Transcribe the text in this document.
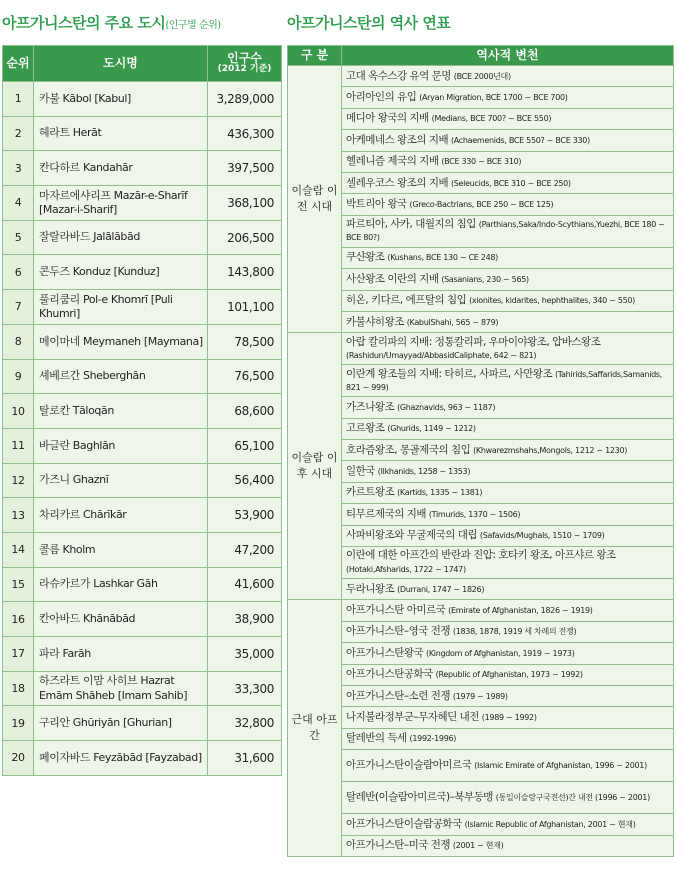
아프가니스탄의 주요 도시(인구별 순위)	아프가니스탄의 역사 연표
순위	도시명	인구수
(2012 기준)

1	카불 Kābol [Kabul]	3,289,000
2	헤라트 Herāt	436,300
3	칸다하르 Kandahār	397,500
4	마자르에샤리프 Mazār-e-Sharīf [Mazar-i-Sharif]	368,100
5	잘랄라바드 Jalālābād	206,500
6	콘두즈 Konduz [Kunduz]	143,800
7	풀리쿰리 Pol-e Khomrī [Puli Khumri]	101,100
8	메이마네 Meymaneh [Maymana]	78,500
9	셰베르간 Sheberghān	76,500
10	탈로칸 Tāloqān	68,600
11	바글란 Baghlān	65,100
12	가즈니 Ghaznī	56,400
13	차리카르 Chārīkār	53,900
14	콜름 Kholm	47,200
15	라슈카르가 Lashkar Gāh	41,600
16	칸아바드 Khānābād	38,900
17	파라 Farāh	35,000
18	하즈라트 이맘 사히브 Hazrat Emām Shāheb [Imam Sahib]	33,300
19	구리안 Ghūriyān [Ghurian]	32,800
20	페이자바드 Feyzābād [Fayzabad]	31,600
구 분	역사적 변천
이슬람 이전 시대	고대 옥수스강 유역 문명 (BCE 2000년대)
	아리아인의 유입 (Aryan Migration, BCE 1700 ~ BCE 700)
	메디아 왕국의 지배 (Medians, BCE 700? ~ BCE 550)
	아케메네스 왕조의 지배 (Achaemenids, BCE 550? ~ BCE 330)
	헬레니즘 제국의 지배 (BCE 330 ~ BCE 310)
	셀레우코스 왕조의 지배 (Seleucids, BCE 310 ~ BCE 250)
	박트리아 왕국 (Greco-Bactrians, BCE 250 ~ BCE 125)
	파르티아, 사카, 대월지의 침입 (Parthians,Saka/Indo-Scythians,Yuezhi, BCE 180 ~ BCE 80?)
	쿠샨왕조 (Kushans, BCE 130 ~ CE 248)
	사산왕조 이란의 지배 (Sasanians, 230 ~ 565)
	히온, 키다르, 에프탈의 침입 (xionites, kidarites, hephthalites, 340 ~ 550)
	카불샤히왕조 (KabulShahi, 565 ~ 879)
이슬람 이후 시대	아랍 칼리파의 지배: 정통칼리파, 우마이야왕조, 압바스왕조 (Rashidun/Umayyad/AbbasidCaliphate, 642 ~ 821)
	이란계 왕조들의 지배: 타히르, 사파르, 사만왕조 (Tahirids,Saffarids,Samanids, 821 ~ 999)
	가즈나왕조 (Ghaznavids, 963 ~ 1187)
	고르왕조 (Ghurids, 1149 ~ 1212)
	호라즘왕조, 몽골제국의 침입 (Khwarezmshahs,Mongols, 1212 ~ 1230)
	일한국 (Ilkhanids, 1258 ~ 1353)
	카르트왕조 (Kartids, 1335 ~ 1381)
	티무르제국의 지배 (Timurids, 1370 ~ 1506)
	사파비왕조와 무굴제국의 대립 (Safavids/Mughals, 1510 ~ 1709)
	이란에 대한 아프간의 반란과 진압: 호타키 왕조, 아프샤르 왕조 (Hotaki,Afsharids, 1722 ~ 1747)
	두라니왕조 (Durrani, 1747 ~ 1826)
근대 아프간	아프가니스탄 아미르국 (Emirate of Afghanistan, 1826 ~ 1919)
	아프가니스탄–영국 전쟁 (1838, 1878, 1919 세 차례의 전쟁)
	아프가니스탄왕국 (Kingdom of Afghanistan, 1919 ~ 1973)
	아프가니스탄공화국 (Republic of Afghanistan, 1973 ~ 1992)
	아프가니스탄–소련 전쟁 (1979 ~ 1989)
	나지불라정부군–무자헤딘 내전 (1989 ~ 1992)
	탈레반의 득세 (1992-1996)
	아프가니스탄이슬람아미르국 (Islamic Emirate of Afghanistan, 1996 ~ 2001)
	탈레반(이슬람아미르국)–북부동맹 (통일이슬람구국전선)간 내전 (1996 ~ 2001)
	아프가니스탄이슬람공화국 (Islamic Republic of Afghanistan, 2001 ~ 현재)
	아프가니스탄–미국 전쟁 (2001 ~ 현재)
